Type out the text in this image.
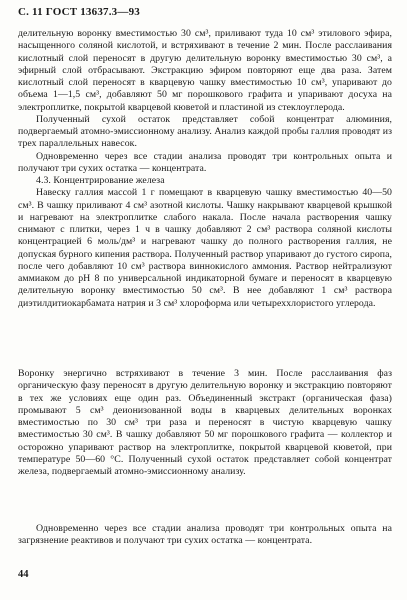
С. 11 ГОСТ 13637.3—93

делительную воронку вместимостью 30 см³, приливают туда 10 см³ этилового эфира, насыщенного соляной кислотой, и встряхивают в течение 2 мин. После расслаивания кислотный слой переносят в другую делительную воронку вместимостью 30 см³, а эфирный слой отбрасывают. Экстракцию эфиром повторяют еще два раза. Затем кислотный слой переносят в кварцевую чашку вместимостью 10 см³, упаривают до объема 1—1,5 см³, добавляют 50 мг порошкового графита и упаривают досуха на электроплитке, покрытой кварцевой кюветой и пластиной из стеклоуглерода.

Полученный сухой остаток представляет собой концентрат алюминия, подвергаемый атомно-эмиссионному анализу. Анализ каждой пробы галлия проводят из трех параллельных навесок.

Одновременно через все стадии анализа проводят три контрольных опыта и получают три сухих остатка — концентрата.

4.3. Концентрирование железа

Навеску галлия массой 1 г помещают в кварцевую чашку вместимостью 40—50 см³. В чашку приливают 4 см³ азотной кислоты. Чашку накрывают кварцевой крышкой и нагревают на электроплитке слабого накала. После начала растворения чашку снимают с плитки, через 1 ч в чашку добавляют 2 см³ раствора соляной кислоты концентрацией 6 моль/дм³ и нагревают чашку до полного растворения галлия, не допуская бурного кипения раствора. Полученный раствор упаривают до густого сиропа, после чего добавляют 10 см³ раствора виннокислого аммония. Раствор нейтрализуют аммиаком до pH 8 по универсальной индикаторной бумаге и переносят в кварцевую делительную воронку вместимостью 50 см³. В нее добавляют 1 см³ раствора диэтилдитиокарбамата натрия и 3 см³ хлороформа или четыреххлористого углерода.

Воронку энергично встряхивают в течение 3 мин. После расслаивания фаз органическую фазу переносят в другую делительную воронку и экстракцию повторяют в тех же условиях еще один раз. Объединенный экстракт (органическая фаза) промывают 5 см³ деионизованной воды в кварцевых делительных воронках вместимостью по 30 см³ три раза и переносят в чистую кварцевую чашку вместимостью 30 см³. В чашку добавляют 50 мг порошкового графита — коллектор и осторожно упаривают раствор на электроплитке, покрытой кварцевой кюветой, при температуре 50—60 °С. Полученный сухой остаток представляет собой концентрат железа, подвергаемый атомно-эмиссионному анализу.

Одновременно через все стадии анализа проводят три контрольных опыта на загрязнение реактивов и получают три сухих остатка — концентрата.

44
